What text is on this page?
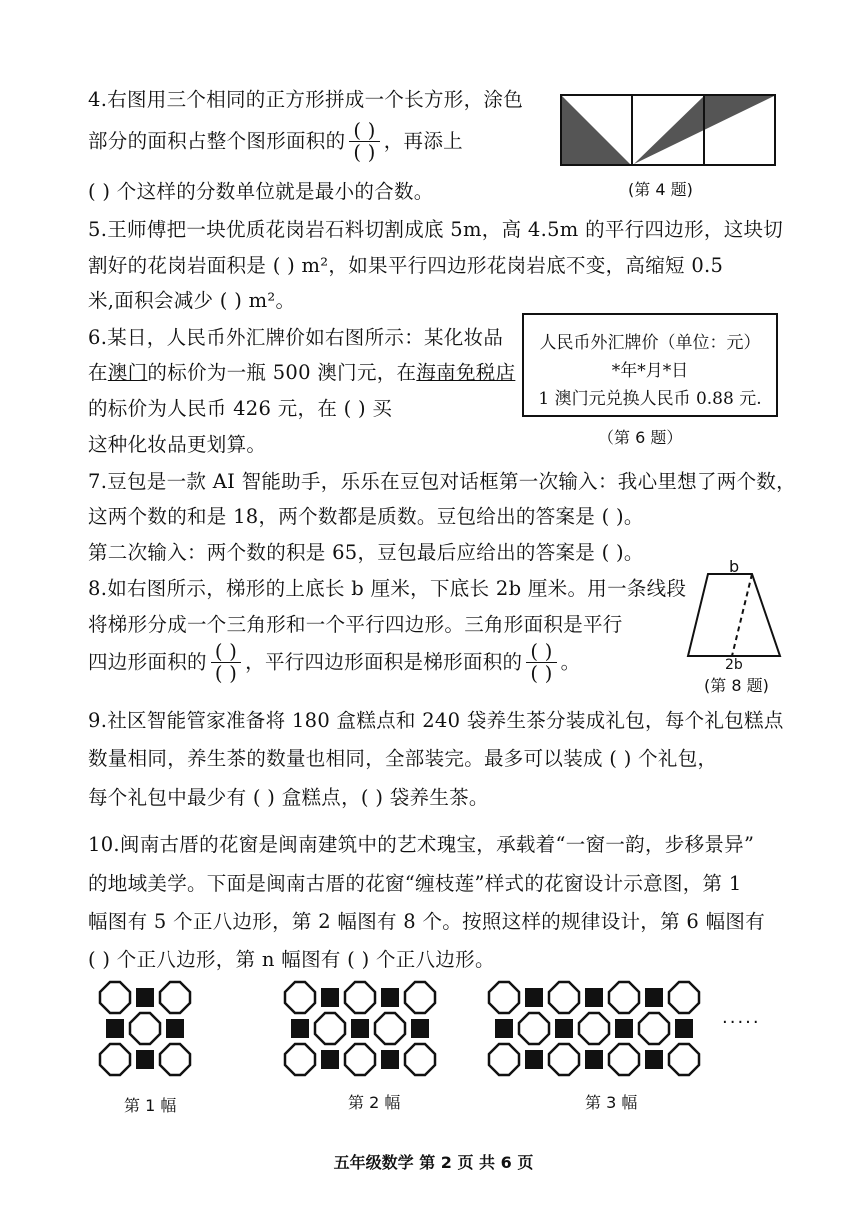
4.右图用三个相同的正方形拼成一个长方形，涂色
部分的面积占整个图形面积的 $\frac{( )}{( )}$ ，再添上
( ) 个这样的分数单位就是最小的合数。	(第 4 题)
5.王师傅把一块优质花岗岩石料切割成底 5m，高 4.5m 的平行四边形，这块切
割好的花岗岩面积是 ( ) m²，如果平行四边形花岗岩底不变，高缩短 0.5
米,面积会减少 ( ) m²。
6.某日，人民币外汇牌价如右图所示：某化妆品
在澳门的标价为一瓶 500 澳门元，在海南免税店
的标价为人民币 426 元，在 ( ) 买
这种化妆品更划算。
人民币外汇牌价（单位：元）
*年*月*日
1 澳门元兑换人民币 0.88 元.
（第 6 题）
7.豆包是一款 AI 智能助手，乐乐在豆包对话框第一次输入：我心里想了两个数，
这两个数的和是 18，两个数都是质数。豆包给出的答案是 ( )。
第二次输入：两个数的积是 65，豆包最后应给出的答案是 ( )。
8.如右图所示，梯形的上底长 b 厘米，下底长 2b 厘米。用一条线段
将梯形分成一个三角形和一个平行四边形。三角形面积是平行
四边形面积的 $\frac{( )}{( )}$ ，平行四边形面积是梯形面积的 $\frac{( )}{( )}$ 。
b
2b
(第 8 题)
9.社区智能管家准备将 180 盒糕点和 240 袋养生茶分装成礼包，每个礼包糕点
数量相同，养生茶的数量也相同，全部装完。最多可以装成 ( ) 个礼包，
每个礼包中最少有 ( ) 盒糕点，( ) 袋养生茶。
10.闽南古厝的花窗是闽南建筑中的艺术瑰宝，承载着“一窗一韵，步移景异”
的地域美学。下面是闽南古厝的花窗“缠枝莲”样式的花窗设计示意图，第 1
幅图有 5 个正八边形，第 2 幅图有 8 个。按照这样的规律设计，第 6 幅图有
( ) 个正八边形，第 n 幅图有 ( ) 个正八边形。
第 1 幅	第 2 幅	第 3 幅
·····
五年级数学 第 2 页 共 6 页
